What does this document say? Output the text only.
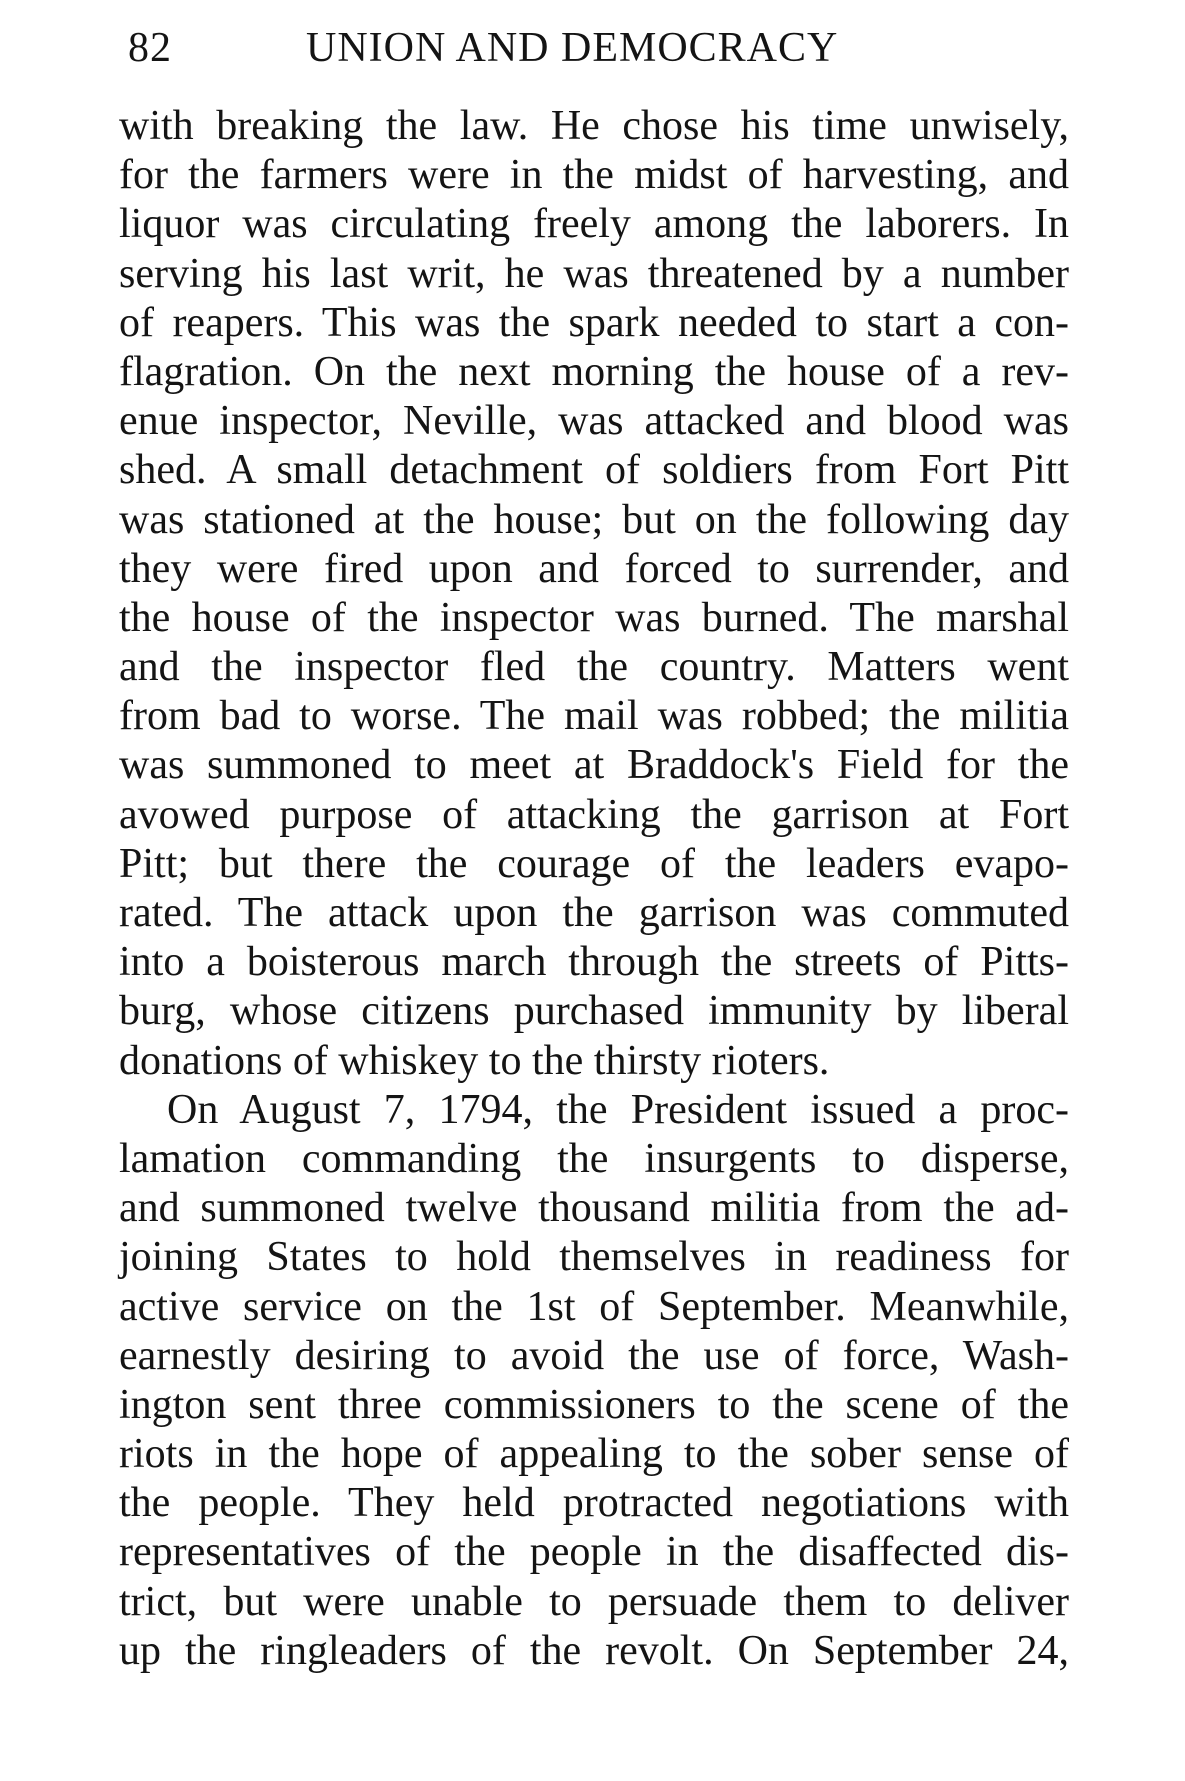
82	UNION AND DEMOCRACY
with breaking the law. He chose his time unwisely,
for the farmers were in the midst of harvesting, and
liquor was circulating freely among the laborers. In
serving his last writ, he was threatened by a number
of reapers. This was the spark needed to start a con-
flagration. On the next morning the house of a rev-
enue inspector, Neville, was attacked and blood was
shed. A small detachment of soldiers from Fort Pitt
was stationed at the house; but on the following day
they were fired upon and forced to surrender, and
the house of the inspector was burned. The marshal
and the inspector fled the country. Matters went
from bad to worse. The mail was robbed; the militia
was summoned to meet at Braddock's Field for the
avowed purpose of attacking the garrison at Fort
Pitt; but there the courage of the leaders evapo-
rated. The attack upon the garrison was commuted
into a boisterous march through the streets of Pitts-
burg, whose citizens purchased immunity by liberal
donations of whiskey to the thirsty rioters.
On August 7, 1794, the President issued a proc-
lamation commanding the insurgents to disperse,
and summoned twelve thousand militia from the ad-
joining States to hold themselves in readiness for
active service on the 1st of September. Meanwhile,
earnestly desiring to avoid the use of force, Wash-
ington sent three commissioners to the scene of the
riots in the hope of appealing to the sober sense of
the people. They held protracted negotiations with
representatives of the people in the disaffected dis-
trict, but were unable to persuade them to deliver
up the ringleaders of the revolt. On September 24,
